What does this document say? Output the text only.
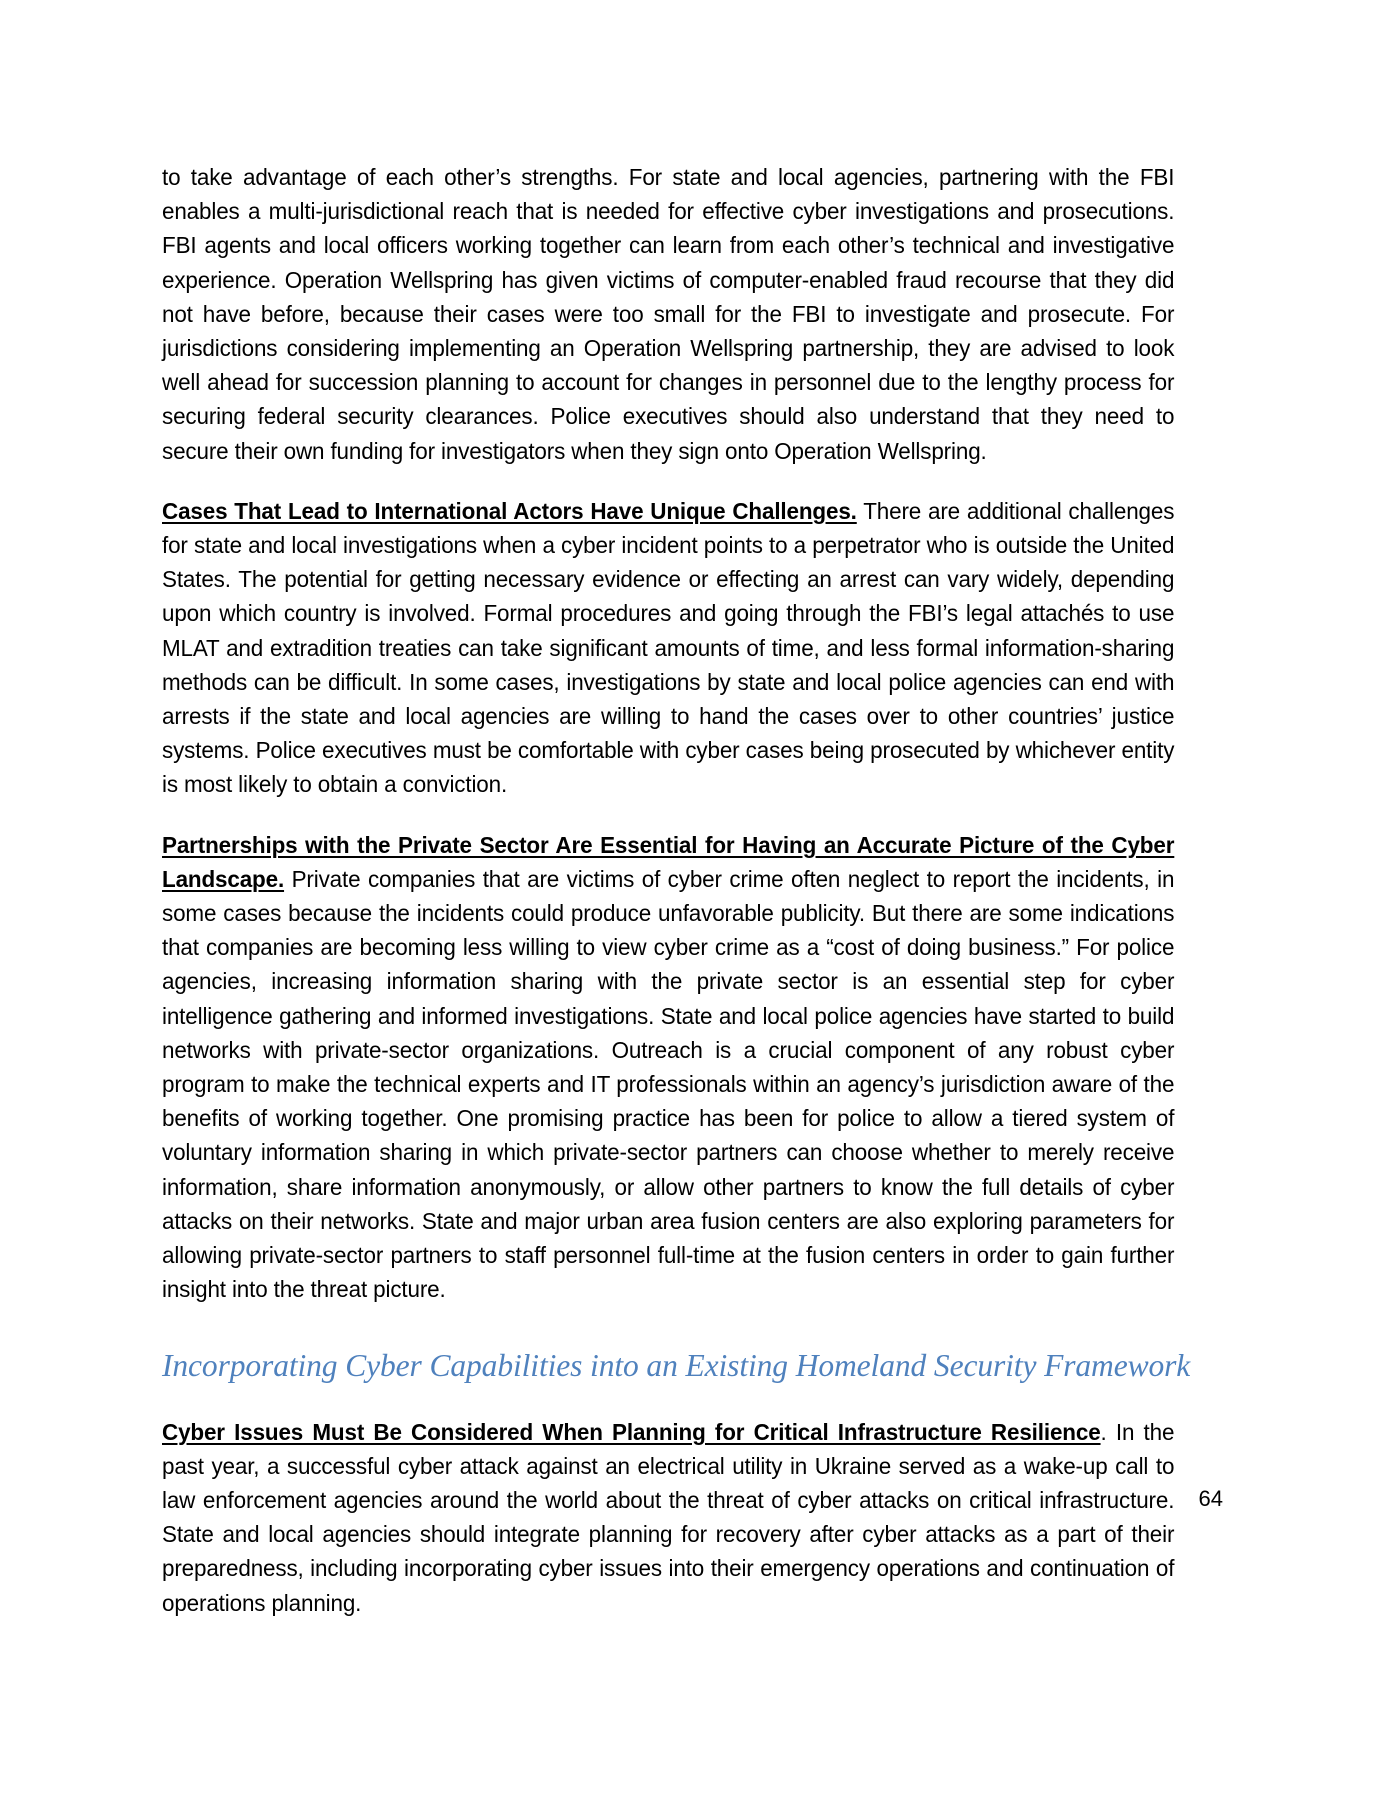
to take advantage of each other’s strengths. For state and local agencies, partnering with the FBI enables a multi-jurisdictional reach that is needed for effective cyber investigations and prosecutions. FBI agents and local officers working together can learn from each other’s technical and investigative experience. Operation Wellspring has given victims of computer-enabled fraud recourse that they did not have before, because their cases were too small for the FBI to investigate and prosecute. For jurisdictions considering implementing an Operation Wellspring partnership, they are advised to look well ahead for succession planning to account for changes in personnel due to the lengthy process for securing federal security clearances. Police executives should also understand that they need to secure their own funding for investigators when they sign onto Operation Wellspring.

Cases That Lead to International Actors Have Unique Challenges. There are additional challenges for state and local investigations when a cyber incident points to a perpetrator who is outside the United States. The potential for getting necessary evidence or effecting an arrest can vary widely, depending upon which country is involved. Formal procedures and going through the FBI’s legal attachés to use MLAT and extradition treaties can take significant amounts of time, and less formal information-sharing methods can be difficult. In some cases, investigations by state and local police agencies can end with arrests if the state and local agencies are willing to hand the cases over to other countries’ justice systems. Police executives must be comfortable with cyber cases being prosecuted by whichever entity is most likely to obtain a conviction.

Partnerships with the Private Sector Are Essential for Having an Accurate Picture of the Cyber Landscape. Private companies that are victims of cyber crime often neglect to report the incidents, in some cases because the incidents could produce unfavorable publicity. But there are some indications that companies are becoming less willing to view cyber crime as a “cost of doing business.” For police agencies, increasing information sharing with the private sector is an essential step for cyber intelligence gathering and informed investigations. State and local police agencies have started to build networks with private-sector organizations. Outreach is a crucial component of any robust cyber program to make the technical experts and IT professionals within an agency’s jurisdiction aware of the benefits of working together. One promising practice has been for police to allow a tiered system of voluntary information sharing in which private-sector partners can choose whether to merely receive information, share information anonymously, or allow other partners to know the full details of cyber attacks on their networks. State and major urban area fusion centers are also exploring parameters for allowing private-sector partners to staff personnel full-time at the fusion centers in order to gain further insight into the threat picture.

Incorporating Cyber Capabilities into an Existing Homeland Security Framework

Cyber Issues Must Be Considered When Planning for Critical Infrastructure Resilience. In the past year, a successful cyber attack against an electrical utility in Ukraine served as a wake-up call to law enforcement agencies around the world about the threat of cyber attacks on critical infrastructure. State and local agencies should integrate planning for recovery after cyber attacks as a part of their preparedness, including incorporating cyber issues into their emergency operations and continuation of operations planning.

64
